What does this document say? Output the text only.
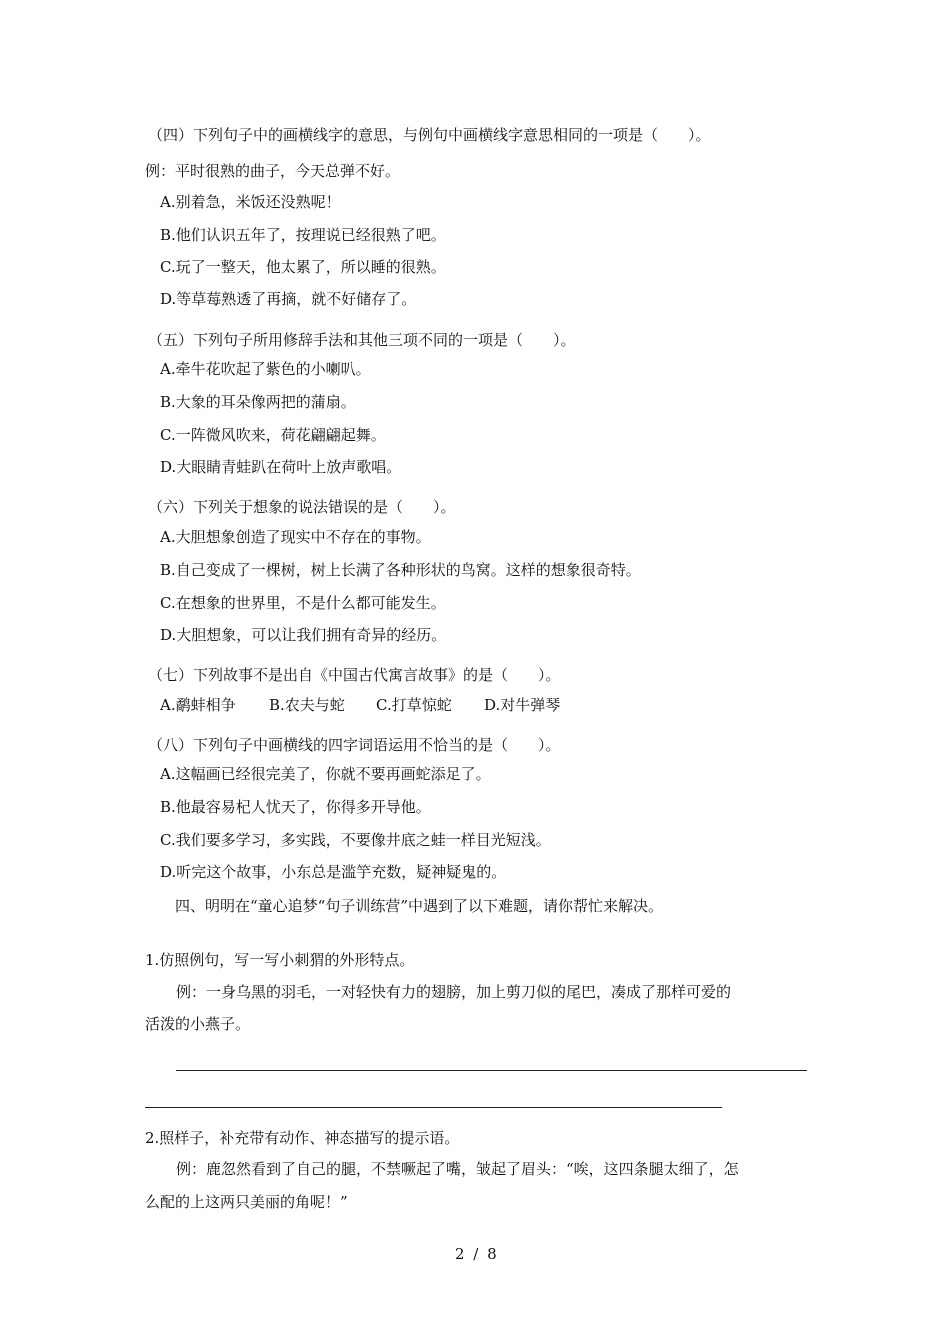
（四）下列句子中的画横线字的意思，与例句中画横线字意思相同的一项是（　　）。
例：平时很熟的曲子，今天总弹不好。
A.别着急，米饭还没熟呢！
B.他们认识五年了，按理说已经很熟了吧。
C.玩了一整天，他太累了，所以睡的很熟。
D.等草莓熟透了再摘，就不好储存了。
（五）下列句子所用修辞手法和其他三项不同的一项是（　　）。
A.牵牛花吹起了紫色的小喇叭。
B.大象的耳朵像两把的蒲扇。
C.一阵微风吹来，荷花翩翩起舞。
D.大眼睛青蛙趴在荷叶上放声歌唱。
（六）下列关于想象的说法错误的是（　　）。
A.大胆想象创造了现实中不存在的事物。
B.自己变成了一棵树，树上长满了各种形状的鸟窝。这样的想象很奇特。
C.在想象的世界里，不是什么都可能发生。
D.大胆想象，可以让我们拥有奇异的经历。
（七）下列故事不是出自《中国古代寓言故事》的是（　　）。
A.鹬蚌相争 B.农夫与蛇 C.打草惊蛇 D.对牛弹琴
（八）下列句子中画横线的四字词语运用不恰当的是（　　）。
A.这幅画已经很完美了，你就不要再画蛇添足了。
B.他最容易杞人忧天了，你得多开导他。
C.我们要多学习，多实践，不要像井底之蛙一样目光短浅。
D.听完这个故事，小东总是滥竽充数，疑神疑鬼的。
四、明明在“童心追梦“句子训练营”中遇到了以下难题，请你帮忙来解决。
1.仿照例句，写一写小刺猬的外形特点。
例：一身乌黑的羽毛，一对轻快有力的翅膀，加上剪刀似的尾巴，凑成了那样可爱的
活泼的小燕子。
2.照样子，补充带有动作、神态描写的提示语。
例：鹿忽然看到了自己的腿，不禁噘起了嘴，皱起了眉头：“唉，这四条腿太细了，怎
么配的上这两只美丽的角呢！”
2 / 8
